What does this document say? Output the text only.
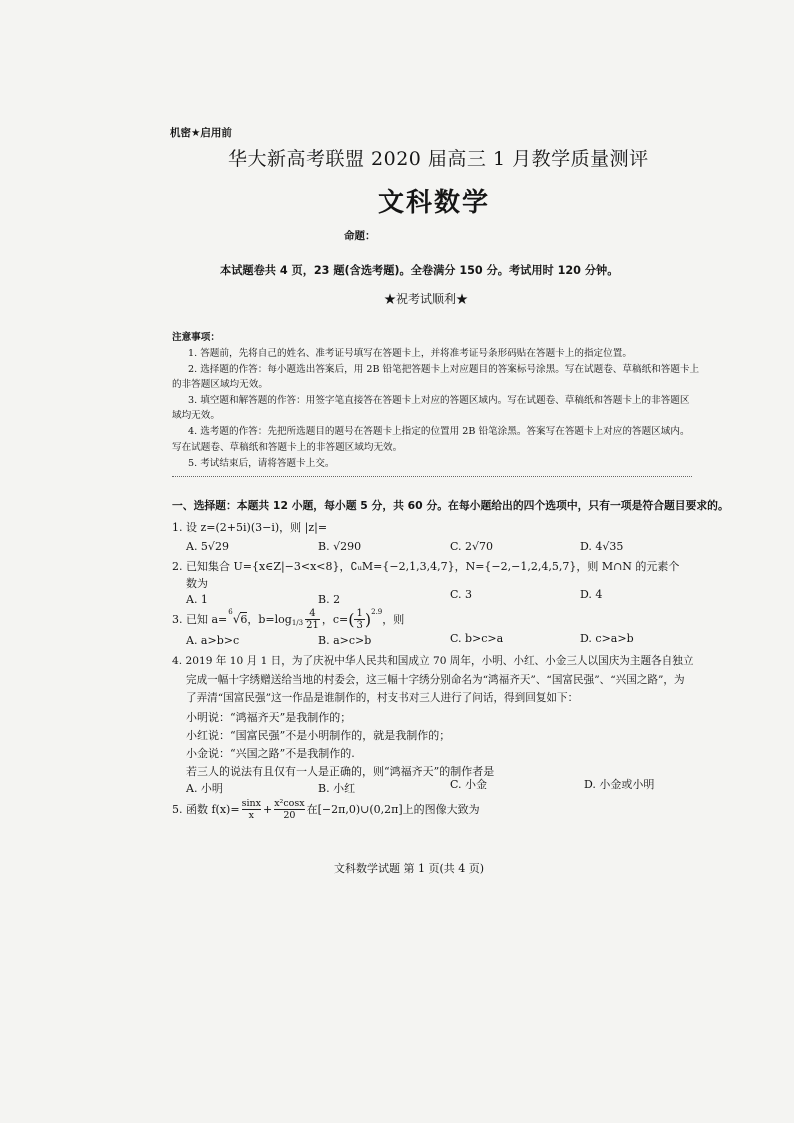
机密★启用前
华大新高考联盟 2020 届高三 1 月教学质量测评
文科数学
命题：
本试题卷共 4 页，23 题(含选考题)。全卷满分 150 分。考试用时 120 分钟。
★祝考试顺利★
注意事项：
1. 答题前，先将自己的姓名、准考证号填写在答题卡上，并将准考证号条形码贴在答题卡上的指定位置。
2. 选择题的作答：每小题选出答案后，用 2B 铅笔把答题卡上对应题目的答案标号涂黑。写在试题卷、草稿纸和答题卡上
的非答题区域均无效。
3. 填空题和解答题的作答：用签字笔直接答在答题卡上对应的答题区域内。写在试题卷、草稿纸和答题卡上的非答题区
域均无效。
4. 选考题的作答：先把所选题目的题号在答题卡上指定的位置用 2B 铅笔涂黑。答案写在答题卡上对应的答题区域内。
写在试题卷、草稿纸和答题卡上的非答题区域均无效。
5. 考试结束后，请将答题卡上交。
一、选择题：本题共 12 小题，每小题 5 分，共 60 分。在每小题给出的四个选项中，只有一项是符合题目要求的。
1. 设 z=(2+5i)(3−i)，则 |z|=
A. 5√29	B. √290	C. 2√70	D. 4√35
2. 已知集合 U={x∈Z|−3<x<8}，∁ᵤM={−2,1,3,4,7}，N={−2,−1,2,4,5,7}，则 M∩N 的元素个
数为
A. 1	B. 2	C. 3	D. 4
3. 已知 a=
$^6$√6 ，$b=\log_{1/3} \frac{4}{21}$ ，c= ( $\frac{1}{3} )^{2.9}$
，则
A. a>b>c	B. a>c>b	C. b>c>a	D. c>a>b
4. 2019 年 10 月 1 日，为了庆祝中华人民共和国成立 70 周年，小明、小红、小金三人以国庆为主题各自独立
完成一幅十字绣赠送给当地的村委会，这三幅十字绣分别命名为“鸿福齐天”、“国富民强”、“兴国之路”，为
了弄清“国富民强”这一作品是谁制作的，村支书对三人进行了问话，得到回复如下：
小明说：“鸿福齐天”是我制作的；
小红说：“国富民强”不是小明制作的，就是我制作的；
小金说：“兴国之路”不是我制作的.
若三人的说法有且仅有一人是正确的，则“鸿福齐天”的制作者是
A. 小明	B. 小红	C. 小金	D. 小金或小明
5. 函数 $f(x)= \frac{\sin x}{x} + \frac{\text{x²cosx}}{20}$ 在[−2π,0)∪(0,2π]上的图像大致为
文科数学试题 第 1 页(共 4 页)
